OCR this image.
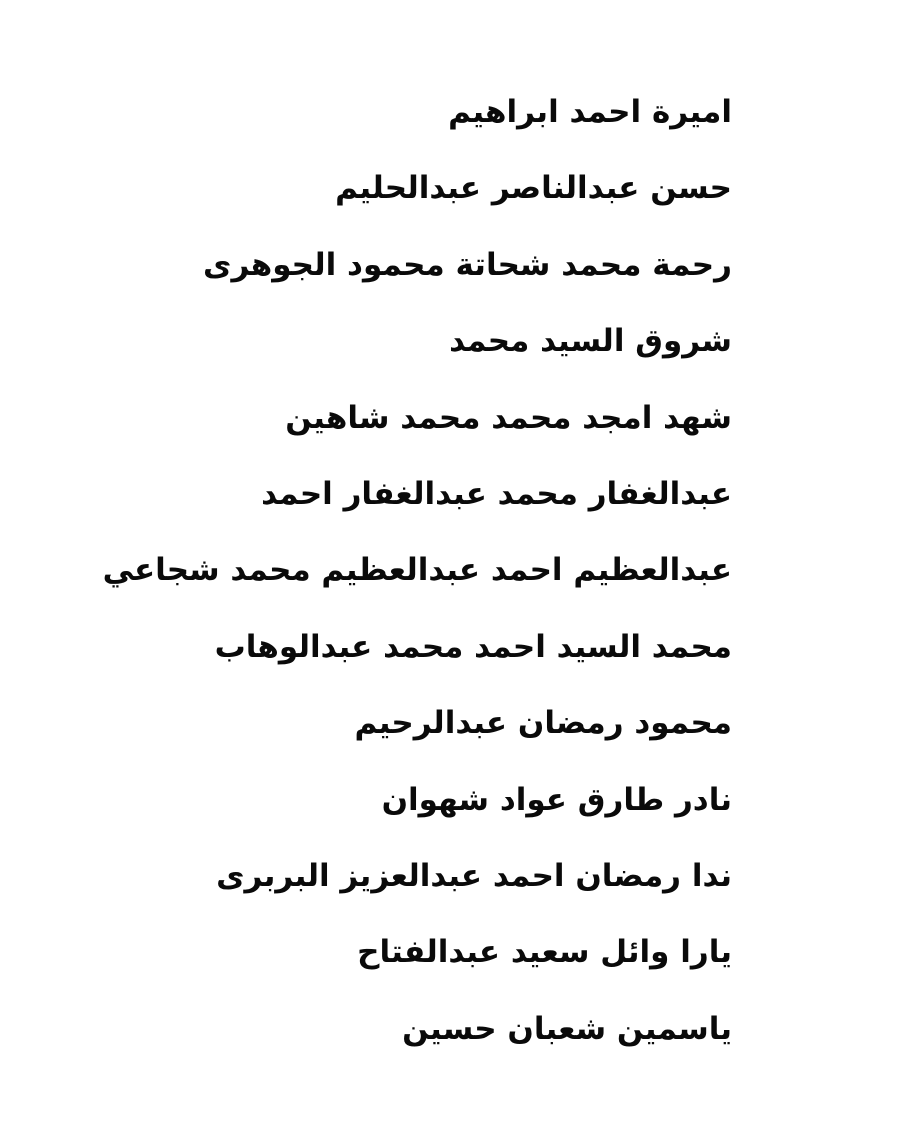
اميرة احمد ابراهيم
حسن عبدالناصر عبدالحليم
رحمة محمد شحاتة محمود الجوهرى
شروق السيد محمد
شهد امجد محمد محمد شاهين
عبدالغفار محمد عبدالغفار احمد
عبدالعظيم احمد عبدالعظيم محمد شجاعي
محمد السيد احمد محمد عبدالوهاب
محمود رمضان عبدالرحيم
نادر طارق عواد شهوان
ندا رمضان احمد عبدالعزيز البربرى
يارا وائل سعيد عبدالفتاح
ياسمين شعبان حسين
